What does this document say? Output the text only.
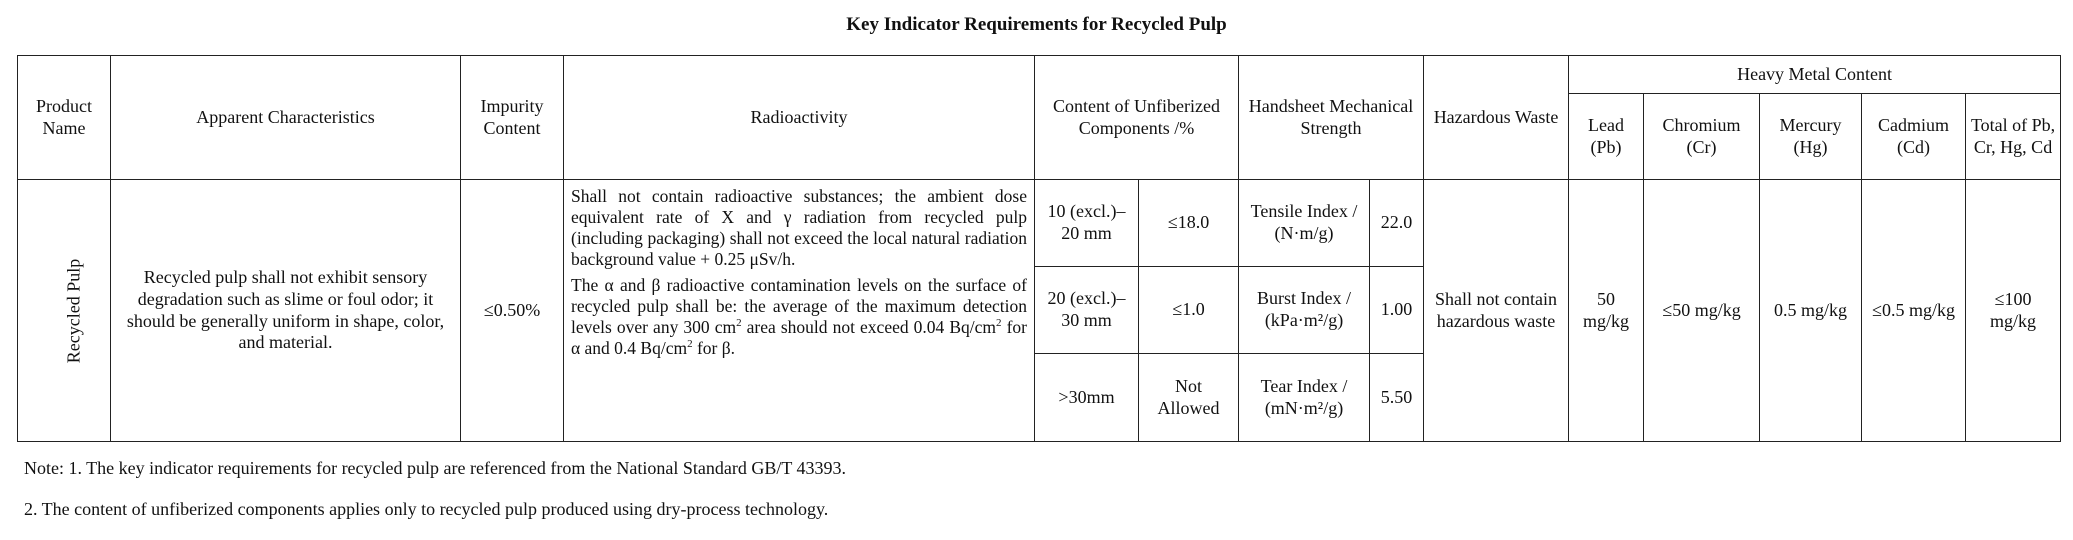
Key Indicator Requirements for Recycled Pulp
Product Name	Apparent Characteristics	Impurity Content	Radioactivity	Content of Unfiberized Components /%		Handsheet Mechanical Strength		Hazardous Waste	Heavy Metal Content				
									Lead (Pb)	Chromium (Cr)	Mercury (Hg)	Cadmium (Cd)	Total of Pb, Cr, Hg, Cd
Recycled Pulp	Recycled pulp shall not exhibit sensory degradation such as slime or foul odor; it should be generally uniform in shape, color, and material.	≤0.50%	Shall not contain radioactive substances; the ambient dose equivalent rate of X and γ radiation from recycled pulp (including packaging) shall not exceed the local natural radiation background value + 0.25 μSv/h.

The α and β radioactive contamination levels on the surface of recycled pulp shall be: the average of the maximum detection levels over any 300 $cm^2$ area should not exceed 0.04 $Bq/cm^2$ for α and 0.4 $Bq/cm^2$ for β.	10 (excl.)–20 mm	≤18.0	Tensile Index / (N·m/g)	22.0	Shall not contain hazardous waste	50 mg/kg	≤50 mg/kg	0.5 mg/kg	≤0.5 mg/kg	≤100 mg/kg
				20 (excl.)–30 mm	≤1.0	Burst Index / (kPa·m²/g)	1.00						
				>30mm	Not Allowed	Tear Index / (mN·m²/g)	5.50						
Note: 1. The key indicator requirements for recycled pulp are referenced from the National Standard GB/T 43393.
2. The content of unfiberized components applies only to recycled pulp produced using dry-process technology.
